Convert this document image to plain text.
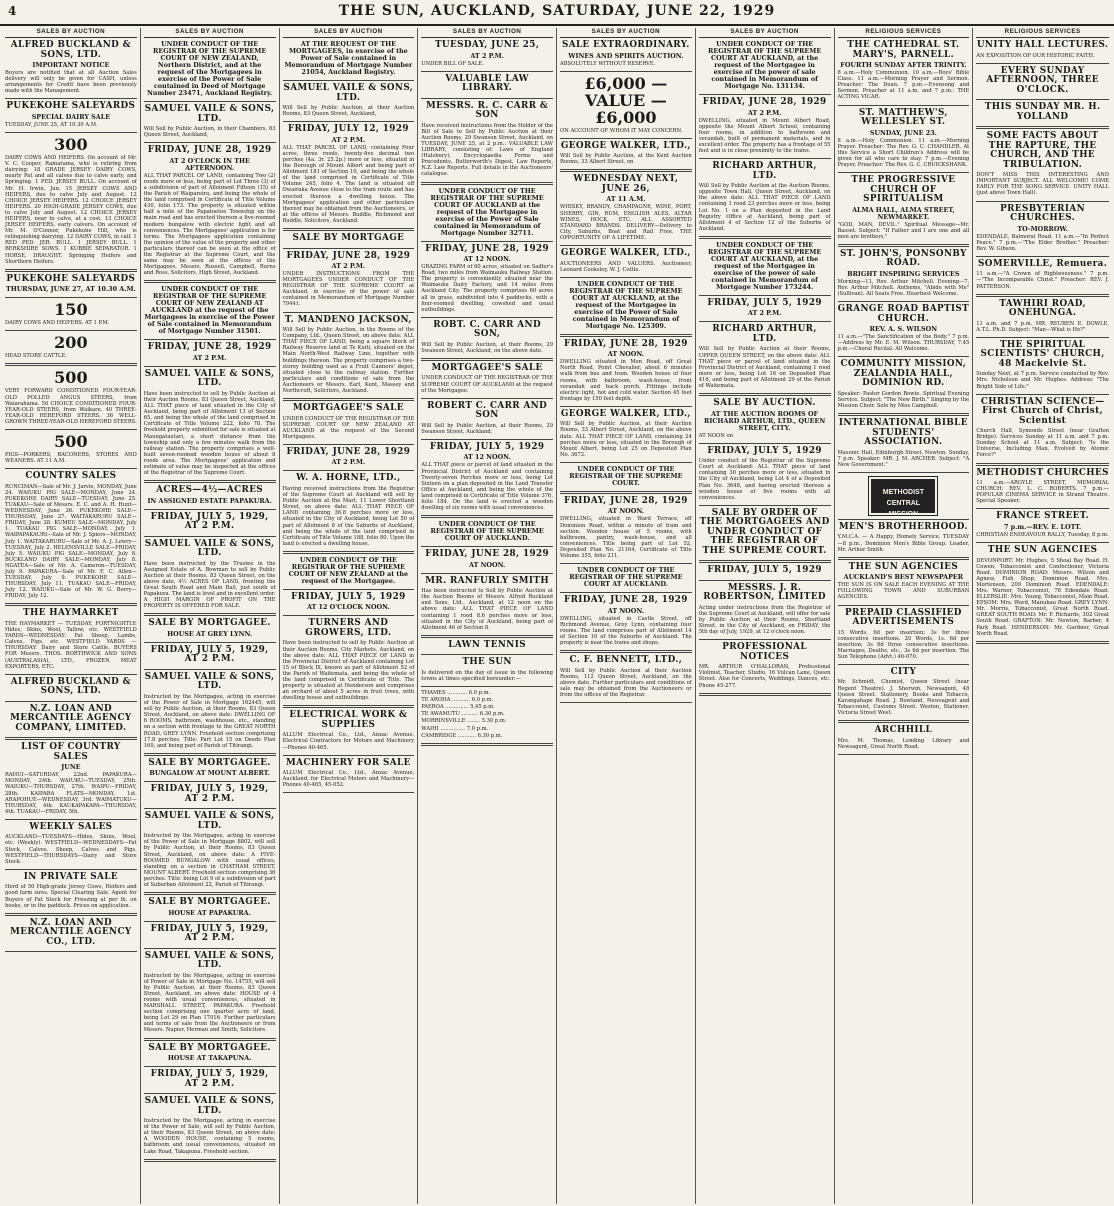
4	THE SUN, AUCKLAND, SATURDAY, JUNE 22, 1929
SALES BY AUCTION

ALFRED BUCKLAND & SONS, LTD.

IMPORTANT NOTICE

Buyers are notified that at all Auction Sales delivery will only be given for CASH, unless arrangements for Credit have been previously made with the Management.

PUKEKOHE SALEYARDS

SPECIAL DAIRY SALE

TUESDAY, JUNE 25, AT 10.30 A.M.

300

DAIRY COWS AND HEIFERS. On account of Mr. V. C. Cooper, Ramarama, who is retiring from dairying: 18 GRADE JERSEY DAIRY COWS, nearly Pat and all calves due to calve early, and Springing. 1 PED. JERSEY BULL. On account of Mr. H. Irwin, Jun. 15 JERSEY COWS AND HEIFERS, due to calve July and August. 12 CHOICE JERSEY HEIFERS. 12 CHOICE JERSEY HEIFERS. 20 HIGH-GRADE JERSEY COWS, due to calve July and August. 12 CHOICE JERSEY HEIFERS, near to calve, at a cost. 13 CHOICE JERSEY HEIFERS, early calvers. On account of Mr. M. O'Connor, Pukekohe Hill, who is relinquishing dairying. 12 DAIRY COWS, in calf. 1 RED PED. JER. BULL. 1 JERSEY BULL. 1 BERKSHIRE SOWS. 1 KUBBIE SEPARATOR. 1 HORSE, DRAUGHT. Springing Heifers and Shorthorn Heifers.

PUKEKOHE SALEYARDS

THURSDAY, JUNE 27, AT 10.30 A.M.

150

DAIRY COWS AND HEIFERS. AT 1 P.M.

200

HEAD STORE CATTLE.

500

VERY FORWARD CONDITIONED FOUR-YEAR-OLD POLLED ANGUS STEERS, from Waiarahama. 50 CHOICE CONDITIONED FOUR-YEAR-OLD STEERS, from Waikare. 40 THREE-YEAR-OLD HEREFORD STEERS. 36 WELL-GROWN THREE-YEAR-OLD HEREFORD STEERS.

500

PIGS—PORKERS, BACONERS, STORES AND WEANERS. AT 11 A.M.

COUNTRY SALES

RUNCIMAN—Sale of Mr. J. Jarvie, MONDAY, June 24. WAIUKU PIG SALE—MONDAY, June 24. PUKEKOHE DAIRY SALE—TUESDAY, June 25. TUAKAU—Sale of Messrs. E. C. and A. H. Hunt—WEDNESDAY, June 26. PUKEKOHE SALE—THURSDAY, June 27. WAITAKARURU SALE—FRIDAY, June 28. KUMEU SALE—MONDAY, July 1. TUAKAU PIG SALE—MONDAY, July 1. WAIPAPAKAURI—Sale of Mr. J. Spiers—MONDAY, July 1. WAITAKARURU—Sale of Mr. A. J. Lowry—TUESDAY, July 2. HELENSVILLE SALE—FRIDAY, July 5. WAIUKU PIG SALE—MONDAY, July 8. BUCKLAND DAIRY SALE—MONDAY, July 8. NGATEA—Sale of Mr. A. Cameron—TUESDAY, July 9. PAPAKURA—Sale of Mr. F. C. Allen—TUESDAY, July 9. PUKEKOHE SALE—THURSDAY, July 11. TUAKAU SALE—FRIDAY, July 12. WAIUKU—Sale of Mr. W. G. Berry—FRIDAY, July 12.

THE HAYMARKET

THE HAYMARKET — TUESDAY, FORTNIGHTLY: Hides, Skins, Wool, Tallow, etc. WESTFIELD YARDS—WEDNESDAY: Fat Sheep, Lambs, Calves, Pigs, etc. WESTFIELD YARDS — THURSDAY: Dairy and Store Cattle. BUYERS FOR Messrs. THOS. BORTHWICK AND SONS (AUSTRALASIA), LTD., FROZEN MEAT EXPORTERS, ETC.

ALFRED BUCKLAND & SONS, LTD.

N.Z. LOAN AND MERCANTILE AGENCY COMPANY, LIMITED.

LIST OF COUNTRY SALES

JUNE

RAHUI—SATURDAY, 22nd. PAPAKURA—MONDAY, 24th. WAIUKU—TUESDAY, 25th. WAIUKU—THURSDAY, 27th. WAIPU—FRIDAY, 28th. KAIPARA FLATS—MONDAY, 1st. ARAPOHUE—WEDNESDAY, 3rd. WAIMATUKU—THURSDAY, 4th. KAUKAPAKAPA—THURSDAY, 4th. TUAKAU—FRIDAY, 5th.

WEEKLY SALES

AUCKLAND—TUESDAYS—Hides, Skins, Wool, etc. (Weekly). WESTFIELD—WEDNESDAYS—Fat Stock, Calves, Sheep, Calves and Pigs. WESTFIELD—THURSDAYS—Dairy and Store Stock.

IN PRIVATE SALE

Herd of 50 High-grade Jersey Cows, Heifers and good farm sires. Special Clearing Sale. Agent for Buyers of Fat Stock for Freezing at per lb. on hooks, or in the paddock. Prices on application.

N.Z. LOAN AND MERCANTILE AGENCY CO., LTD.

SALES BY AUCTION

UNDER CONDUCT OF THE REGISTRAR OF THE SUPREME COURT OF NEW ZEALAND, Northern District, and at the request of the Mortgagees in exercise of the Power of Sale contained in Deed of Mortgage Number 23471, Auckland Registry.

SAMUEL VAILE & SONS, LTD.

Will Sell by Public Auction, in their Chambers, 83 Queen Street, Auckland,

FRIDAY, JUNE 28, 1929

AT 2 O'CLOCK IN THE AFTERNOON.

ALL THAT PARCEL OF LAND, containing Two (2) roods more or less, being part of Lot Three (3) of a subdivision of part of Allotment Fifteen (15) of the Parish of Waipareira, and being the whole of the land comprised in Certificate of Title Volume 430, folio 173. The property is situated within half a mile of the Papatoetoe Township on the main road and has erected thereon a five-roomed modern bungalow with electric light and all conveniences. The Mortgagees' application is for terms. The Mortgagees application containing the opinion of the value of the property and other particulars thereof can be seen at the office of the Registrar at the Supreme Court, and the same may be seen at the offices of the Mortgagees, Messrs. Russell, Campbell, Burns and Ross, Solicitors, High Street, Auckland.

UNDER CONDUCT OF THE REGISTRAR OF THE SUPREME COURT OF NEW ZEALAND AT AUCKLAND at the request of the Mortgagees in exercise of the Power of Sale contained in Memorandum of Mortgage Number 31501.

FRIDAY, JUNE 28, 1929

AT 2 P.M.

SAMUEL VAILE & SONS, LTD.

Have been instructed to sell by Public Auction at their Auction Rooms, 83 Queen Street, Auckland, ALL THAT piece of land situated in the City of Auckland, being part of Allotment 13 of Section 65, and being the whole of the land comprised in Certificate of Title Volume 222, folio 78. The freehold property submitted for sale is situated at Maungatautari, a short distance from the township and only a few minutes walk from the railway station. The property comprises a well-built seven-roomed wooden house of about 8 roods area. The Mortgagees' application and estimate of value may be inspected at the offices of the Registrar of the Supreme Court.

ACRES—4½—ACRES

IN ASSIGNED ESTATE PAPAKURA.

FRIDAY, JULY 5, 1929, AT 2 P.M.

SAMUEL VAILE & SONS, LTD.

Have been instructed by the Trustee in the Assigned Estate of A. Bowman to sell by Public Auction at their Rooms, 83 Queen Street, on the above date, 4½ ACRES OF LAND, fronting the Great South Road and Main Rail, just south of Papakura. The land is level and in excellent order. A HIGH MARGIN OF PROFIT ON THE PROPERTY IS OFFERED FOR SALE.

SALE BY MORTGAGEE.

HOUSE AT GREY LYNN.

FRIDAY, JULY 5, 1929, AT 2 P.M.

SAMUEL VAILE & SONS, LTD.

Instructed by the Mortgagee, acting in exercise of the Power of Sale in Mortgage 162445, will sell by Public Auction, at their Rooms, 83 Queen Street, Auckland, on above date: DWELLING OF 6 ROOMS, bathroom, washhouse, etc., standing on a section with frontage to the GREAT NORTH ROAD, GREY LYNN. Freehold section comprising 17.8 perches. Title: Part Lot 15 on Deeds Plan 160, and being part of Parish of Titirangi.

SALE BY MORTGAGEE.

BUNGALOW AT MOUNT ALBERT.

FRIDAY, JULY 5, 1929, AT 2 P.M.

SAMUEL VAILE & SONS, LTD.

Instructed by the Mortgagee, acting in exercise of the Power of Sale in Mortgage 8802, will sell by Public Auction, at their Rooms, 83 Queen Street, Auckland, on above date: A FIVE-ROOMED BUNGALOW with usual offices, standing on a section in CHATHAM STREET, MOUNT ALBERT. Freehold section comprising 36 perches. Title: being Lot 9 of a subdivision of part of Suburban Allotment 22, Parish of Titirangi.

SALE BY MORTGAGEE.

HOUSE AT PAPAKURA.

FRIDAY, JULY 5, 1929, AT 2 P.M.

SAMUEL VAILE & SONS, LTD.

Instructed by the Mortgagee, acting in exercise of Power of Sale in Mortgage No. 14755, will sell by Public Auction, at their Rooms, 83 Queen Street, Auckland, on above date: HOUSE of 4 rooms with usual conveniences, situated in MARSHALL STREET, PAPAKURA. Freehold section comprising one quarter acre of land, being Lot 29 on Plan 17016. Further particulars and terms of sale from the Auctioneers or from Messrs. Napier, Herman and Smith, Solicitors.

SALE BY MORTGAGEE.

HOUSE AT TAKAPUNA.

FRIDAY, JULY 5, 1929, AT 2 P.M.

SAMUEL VAILE & SONS, LTD.

Instructed by the Mortgagee, acting in exercise of the Power of Sale, will sell by Public Auction, at their Rooms, 83 Queen Street, on above date: A WOODEN HOUSE, containing 5 rooms, bathroom and usual conveniences, situated on Lake Road, Takapuna. Freehold section.

SALES BY AUCTION

AT THE REQUEST OF THE MORTGAGEES, in exercise of the Power of Sale contained in Memorandum of Mortgage Number 21054, Auckland Registry.

SAMUEL VAILE & SONS, LTD.

Will Sell by Public Auction, at their Auction Rooms, 83 Queen Street, Auckland,

FRIDAY, JULY 12, 1929

AT 2 P.M.

ALL THAT PARCEL OF LAND, containing Four acres, three roods, twenty-five decimal two perches (4a. 3r. 25.2p.) more or less, situated in the Borough of Mount Albert and being part of Allotment 181 of Section 10, and being the whole of the land comprised in Certificate of Title Volume 245, folio 4. The land is situated off Owairaka Avenue close to the tram route and has erected thereon a dwelling house. The Mortgagees' application and other particulars thereof may be obtained from the Auctioneers, or at the offices of Messrs. Buddle, Richmond and Buddle, Solicitors, Auckland.

SALE BY MORTGAGE

FRIDAY, JUNE 28, 1929

AT 2 P.M.

UNDER INSTRUCTIONS FROM THE MORTGAGEES UNDER CONDUCT OF THE REGISTRAR OF THE SUPREME COURT at Auckland, in exercise of the power of sale contained in Memorandum of Mortgage Number 79441.

T. MANDENO JACKSON,

Will Sell by Public Auction, in the Rooms of the Company, Ltd., Queen Street, on above date: ALL THAT PIECE OF LAND, being a square block of Railway Reserve land at Te Kuiti, situated on the Main North-West Railway Line, together with buildings thereon. The property comprises a two-storey building used as a Fruit Canners' depot, situated close to the railway station. Further particulars and conditions of sale from the Auctioneers or Messrs. Earl, Kent, Massey and Northcroft, Solicitors, Auckland.

MORTGAGEE'S SALE

UNDER CONDUCT OF THE REGISTRAR OF THE SUPREME COURT OF NEW ZEALAND AT AUCKLAND at the request of the Second Mortgagees.

FRIDAY, JUNE 28, 1929

AT 2 P.M.

W. A. HORNE, LTD.,

Having received instructions from the Registrar of the Supreme Court at Auckland will sell by Public Auction at the Mart, 11 Lower Shortland Street, on above date: ALL THAT PIECE OF LAND containing 36.8 perches more or less, situated in the City of Auckland, being Lot 50 of part of Allotment 8 of the Suburbs of Auckland, and being the whole of the land comprised in Certificate of Title Volume 188, folio 80. Upon the land is erected a dwelling house.

UNDER CONDUCT OF THE REGISTRAR OF THE SUPREME COURT OF NEW ZEALAND at the request of the Mortgagee.

FRIDAY, JULY 5, 1929

AT 12 O'CLOCK NOON.

TURNERS AND GROWERS, LTD.

Have been instructed to sell by Public Auction at their Auction Rooms, City Markets, Auckland, on the above date: ALL THAT PIECE OF LAND in the Provincial District of Auckland containing Lot 15 of Block IX, known as part of Allotment 52 of the Parish of Waitemata, and being the whole of the land comprised in Certificate of Title. The property is situated at Henderson and comprises an orchard of about 5 acres in fruit trees, with dwelling house and outbuildings.

ELECTRICAL WORK & SUPPLIES

ALLUM Electrical Co., Ltd., Anzac Avenue. Electrical Contractors for Motors and Machinery—Phones 40-465.

MACHINERY FOR SALE

ALLUM Electrical Co., Ltd., Anzac Avenue, Auckland, for Electrical Motors and Machinery—Phones 40-465, 45-052.

SALES BY AUCTION

TUESDAY, JUNE 25,

AT 2 P.M.

UNDER BILL OF SALE.

VALUABLE LAW LIBRARY.

MESSRS. R. C. CARR & SON

Have received instructions from the Holder of the Bill of Sale to Sell by Public Auction at their Auction Rooms, 29 Swanson Street, Auckland, on TUESDAY, JUNE 25, at 2 p.m.: VALUABLE LAW LIBRARY, consisting of: Laws of England (Halsbury), Encyclopaedia Forms and Precedents, Butterworth's Digest, Law Reports, N.Z. Law Reports. Full details in the Auctioneers' catalogue.

UNDER CONDUCT OF THE REGISTRAR OF THE SUPREME COURT OF AUCKLAND at the request of the Mortgagee in exercise of the Power of Sale contained in Memorandum of Mortgage Number 32711.

FRIDAY, JUNE 28, 1929

AT 12 NOON.

GRAZING FARM of 60 acres, situated on Sadler's Road, two miles from Waimauku Railway Station. The property is conveniently situated near the Waimauku Dairy Factory, and 14 miles from Auckland City. The property comprises 60 acres all in grass, subdivided into 4 paddocks, with a four-roomed dwelling, cowshed and usual outbuildings.

ROBT. C. CARR AND SON,

Will Sell by Public Auction, at their Rooms, 29 Swanson Street, Auckland, on the above date.

MORTGAGEE'S SALE

UNDER CONDUCT OF THE REGISTRAR OF THE SUPREME COURT OF AUCKLAND at the request of the Mortgagee.

ROBERT C. CARR AND SON

Will Sell by Public Auction, at their Rooms, 29 Swanson Street, Auckland,

FRIDAY, JULY 5, 1929

AT 12 NOON.

ALL THAT piece or parcel of land situated in the Provincial District of Auckland and containing Twenty-seven Perches more or less, being Lot Sixteen on a plan deposited in the Land Transfer Office at Auckland, and being the whole of the land comprised in Certificate of Title Volume 376, folio 184. On the land is erected a wooden dwelling of six rooms with usual conveniences.

UNDER CONDUCT OF THE REGISTRAR OF THE SUPREME COURT OF AUCKLAND.

FRIDAY, JUNE 28, 1929

AT NOON.

MR. RANFURLY SMITH

Has been instructed to Sell by Public Auction at the Auction Rooms of Messrs. Alfred Buckland and Sons, Ltd., Auckland, at 12 noon on the above date: ALL THAT PIECE OF LAND containing 1 rood 8.6 perches more or less, situated in the City of Auckland, being part of Allotment 46 of Section 8.

LAWN TENNIS

THE SUN

Is delivered on the day of issue in the following towns at times specified hereunder:—

THAMES ............ 6.0 p.m.
TE AROHA ........... 6.0 p.m.
PAEROA .............. 5.45 p.m.
TE AWAMUTU .......... 6.30 p.m.
MORRINSVILLE ........ 5.30 p.m.
WAIHI ............... 7.0 p.m.
CAMBRIDGE ........... 6.30 p.m.
SALES BY AUCTION

SALE EXTRAORDINARY.

WINES AND SPIRITS AUCTION.

ABSOLUTELY WITHOUT RESERVE.

£6,000 — VALUE — £6,000

ON ACCOUNT OF WHOM IT MAY CONCERN.

GEORGE WALKER, LTD.,

Will Sell by Public Auction, at the Kent Auction Rooms, 33 Albert Street, on

WEDNESDAY NEXT, JUNE 26,

AT 11 A.M.

WHISKY, BRANDY, CHAMPAGNE, WINE, PORT, SHERRY, GIN, RUM, ENGLISH ALES, ALTAR WINES, HOCK, ETC. ALL ASSORTED STANDARD BRANDS. DELIVERY—Delivery to City, Suburbs, Boat and Rail Free. THE OPPORTUNITY OF A LIFETIME.

GEORGE WALKER, LTD.,

AUCTIONEERS AND VALUERS. Auctioneer, Leonard Cooksley, W. J. Cottle.

UNDER CONDUCT OF THE REGISTRAR OF THE SUPREME COURT AT AUCKLAND, at the request of the Mortgagee in exercise of the Power of Sale contained in Memorandum of Mortgage No. 125309.

FRIDAY, JUNE 28, 1929

AT NOON.

DWELLING situated in Mon Road, off Great North Road, Point Chevalier, about 6 minutes walk from bus and tram. Wooden house of four rooms, with bathroom, wash-house, front verandah and back porch. Fittings include electric light, hot and cold water. Section 45 feet frontage by 150 feet depth.

GEORGE WALKER, LTD.,

Will Sell by Public Auction, at their Auction Rooms, 33 Albert Street, Auckland, on the above date. ALL THAT PIECE OF LAND, containing 24 perches more or less, situated in the Borough of Mount Albert, being Lot 25 on Deposited Plan No. 3672.

UNDER CONDUCT OF THE REGISTRAR OF THE SUPREME COURT.

FRIDAY, JUNE 28, 1929

AT NOON.

DWELLING, situated in Ward Terrace, off Dominion Road, within a minute of tram and section. Wooden house of 5 rooms, with bathroom, pantry, wash-house, and all conveniences. Title being part of Lot 52, Deposited Plan No. 21164, Certificate of Title Volume 355, folio 211.

UNDER CONDUCT OF THE REGISTRAR OF THE SUPREME COURT AT AUCKLAND.

FRIDAY, JUNE 28, 1929

AT NOON.

DWELLING, situated in Castle Street, off Richmond Avenue, Grey Lynn, containing four rooms. The land comprises part of Allotment 14 of Section 10 of the Suburbs of Auckland. The property is near the trams and shops.

C. F. BENNETT, LTD.,

Will Sell by Public Auction at their Auction Rooms, 112 Queen Street, Auckland, on the above date. Further particulars and conditions of sale may be obtained from the Auctioneers or from the offices of the Registrar.

SALES BY AUCTION

UNDER CONDUCT OF THE REGISTRAR OF THE SUPREME COURT AT AUCKLAND, at the request of the Mortgagee in exercise of the power of sale contained in Memorandum of Mortgage No. 131134.

FRIDAY, JUNE 28, 1929

AT 2 P.M.

DWELLING, situated in Mount Albert Road, opposite the Mount Albert School, containing four rooms, in addition to bathroom and verandah, built of permanent materials, and in excellent order. The property has a frontage of 55 feet and is in close proximity to the trams.

RICHARD ARTHUR, LTD.

Will Sell by Public Auction at the Auction Rooms, opposite Town Hall, Queen Street, Auckland, on the above date: ALL THAT PIECE OF LAND containing 1 rood 23 perches more or less, being Lot No. 1 on a Plan deposited in the Land Registry Office at Auckland, being part of Allotment 4 of Section 12 of the Suburbs of Auckland.

UNDER CONDUCT OF THE REGISTRAR OF THE SUPREME COURT AT AUCKLAND, at the request of the Mortgagee in exercise of the power of sale contained in Memorandum of Mortgage Number 173244.

FRIDAY, JULY 5, 1929

AT 2 P.M.

RICHARD ARTHUR, LTD.

Will Sell by Public Auction at their Rooms, UPPER QUEEN STREET, on the above date: ALL THAT piece or parcel of land situated in the Provincial District of Auckland, containing 1 rood more or less, being Lot 16 on Deposited Plan 416, and being part of Allotment 29 of the Parish of Waitemata.

SALE BY AUCTION.

AT THE AUCTION ROOMS OF RICHARD ARTHUR, LTD., QUEEN STREET, CITY.

AT NOON on

FRIDAY, JULY 5, 1929

Under conduct of the Registrar of the Supreme Court at Auckland: ALL THAT piece of land containing 30 perches more or less, situated in the City of Auckland, being Lot 4 of a Deposited Plan No. 3648, and having erected thereon a wooden house of five rooms with all conveniences.

SALE BY ORDER OF THE MORTGAGEES AND UNDER CONDUCT OF THE REGISTRAR OF THE SUPREME COURT.

FRIDAY, JULY 5, 1929

MESSRS. J. R. ROBERTSON, LIMITED

Acting under instructions from the Registrar of the Supreme Court at Auckland, will offer for sale by Public Auction at their Rooms, Shortland Street, in the City of Auckland, on FRIDAY, the 5th day of July, 1929, at 12 o'clock noon.

PROFESSIONAL NOTICES

MR. ARTHUR O'HALLORAN, Professional Violinist, Teacher, Studio, 16 Vulcan Lane, Queen Street. Also for Concerts, Weddings, Dances, etc. Phone 45-277.

RELIGIOUS SERVICES

THE CATHEDRAL ST. MARY'S, PARNELL.

FOURTH SUNDAY AFTER TRINITY.

8 a.m.—Holy Communion. 10 a.m.—Boys' Bible Class. 11 a.m.—Morning Prayer and Sermon. Preacher: The Dean. 7 p.m.—Evensong and Sermon. Preacher at 11 a.m. and 7 p.m.: THE ACTING VICAR.

ST. MATTHEW'S, WELLESLEY ST.

SUNDAY, JUNE 23.

8 a.m.—Holy Communion. 11 a.m.—Morning Prayer. Preacher: The Rev. G. C. CHANDLER. At this Service a Short Children's Address will be given for all who care to stay. 7 p.m.—Evening Prayer. Preacher: The Rev. G. C. CRUICKSHANK.

THE PROGRESSIVE CHURCH OF SPIRITUALISM

ALMA HALL, ALMA STREET, NEWMARKET.

"GOD, MAN, DEVIL." Spiritual Message—Mr. Basset. Subject: "If Father and I are one and all men are brothers."

ST. JOHN'S, PONSONBY ROAD.

BRIGHT INSPIRING SERVICES

Morning—11, Rev. Arthur Mitchell. Evening—7, Rev. Arthur Mitchell. Anthems, "Abide with Me" (Sullivan). All Seats Free. Heartiest Welcome.

GRANGE ROAD BAPTIST CHURCH.

REV. A. S. WILSON

11 a.m.—"The Sanctification of the Body." 7 p.m.—Address by Mr. E. M. Wilson. THURSDAY, 7.45 p.m.—Choral Recital. All Welcome.

COMMUNITY MISSION, ZEALANDIA HALL, DOMINION RD.

Speaker: Pastor Gordon Bowie. Spiritual Evening Service. Subject: "The New Birth." Singing by the Mission Choir. Solo by Miss Campbell.

INTERNATIONAL BIBLE STUDENTS' ASSOCIATION.

Masonic Hall, Edinburgh Street, Newton. Sunday, 7 p.m. Speaker: MR. J. M. ARCHER. Subject: "A New Government."

METHODIST CENTRAL MISSION

MEN'S BROTHERHOOD.

Y.M.C.A. — A Happy, Homely Service. TUESDAY—8 p.m., Dominion Men's Bible Group. Leader, Mr. Arthur Smith.

THE SUN AGENCIES

AUCKLAND'S BEST NEWSPAPER

THE SUN IS ON SALE EACH EVENING AT THE FOLLOWING TOWN AND SUBURBAN AGENCIES.

PREPAID CLASSIFIED ADVERTISEMENTS

15 Words, 6d per insertion; 3s for three consecutive insertions. 20 Words, 1s. 6d per insertion; 3s 6d three consecutive insertions. Marriages, Deaths, etc., 3s 6d per insertion. The Sun Telephone (Advt.) 46-070.

CITY

Mr. Schmidt, Chemist, Queen Street (near Regent Theatre). J. Sherwin, Newsagent, 48 Queen Street. Stationery, Books and Tobacco, Karangahape Road. J. Rowland, Newsagent and Tobacconist, Customs Street. Weston, Stationer, Victoria Street West.

ARCHHILL

Mrs. M. Thomas, Lending Library and Newsagent, Great North Road.

RELIGIOUS SERVICES

UNITY HALL LECTURES.

AN EXPOSITION OF OUR HISTORIC FAITH.

EVERY SUNDAY AFTERNOON, THREE O'CLOCK.

THIS SUNDAY MR. H. YOLLAND

SOME FACTS ABOUT THE RAPTURE, THE CHURCH, AND THE TRIBULATION.

DON'T MISS THIS INTERESTING AND IMPORTANT SUBJECT. ALL WELCOME! COME EARLY FOR THE SONG SERVICE. UNITY HALL (just above Town Hall).

PRESBYTERIAN CHURCHES.

TO-MORROW.

EDENDALE, Balmoral Road. 11 a.m.—"In Perfect Peace." 7 p.m.—"The Elder Brother." Preacher: Rev. W. Gibson.

SOMERVILLE, Remuera.

11 a.m.—"A Crown of Righteousness." 7 p.m.—"The Incomparable Christ." Preacher: REV. J. PATTERSON.

TAWHIRI ROAD, ONEHUNGA.

11 a.m. and 7 p.m. MR. REUBEN E. DOWLE, A.T.L. Ph.D. Subject: "Man—What is He?"

THE SPIRITUAL SCIENTISTS' CHURCH, 48 Mackelvie St.

Sunday Next, at 7 p.m. Service conducted by Rev. Mrs. Nicholson and Mr. Hughes. Address: "The Bright Side of Life."

CHRISTIAN SCIENCE—First Church of Christ, Scientist

Church Hall, Symonds Street (near Grafton Bridge). Services Sunday at 11 a.m. and 7 p.m. Sunday School at 11 a.m. Subject: "Is the Universe, Including Man, Evolved by Atomic Force?"

METHODIST CHURCHES

11 a.m.—ARGYLE STREET, MEMORIAL CHURCH: REV. L. C. ROBERTS. 7 p.m.—POPULAR CINEMA SERVICE in Strand Theatre. Special Speaker.

FRANCE STREET.

7 p.m.—REV. E. LOTT.

CHRISTIAN ENDEAVOUR RALLY, Tuesday, 8 p.m.

THE SUN AGENCIES

DEVONPORT: Mr. Hughes, 5 Shoal Bay Road. H. Cowen, Tobacconist and Confectioner, Victoria Road. DOMINION ROAD: Messrs. Wilson and Agnew, Fish Shop, Dominion Road. Mrs. Mortensen, 209 Dominion Road. EDENDALE: Mrs. Warner, Tobacconist, 78 Edendale Road. ELLERSLIE: Mrs. Young, Tobacconist, Main Road. EPSOM: Mrs. Ward, Manukau Road. GREY LYNN: Mr. Morris, Tobacconist, Great North Road. GREAT SOUTH ROAD: Mr. F. Richards, 302 Great South Road. GRAFTON: Mr. Newton, Barber, 4 Park Road. HENDERSON: Mr. Gardner, Great North Road.
